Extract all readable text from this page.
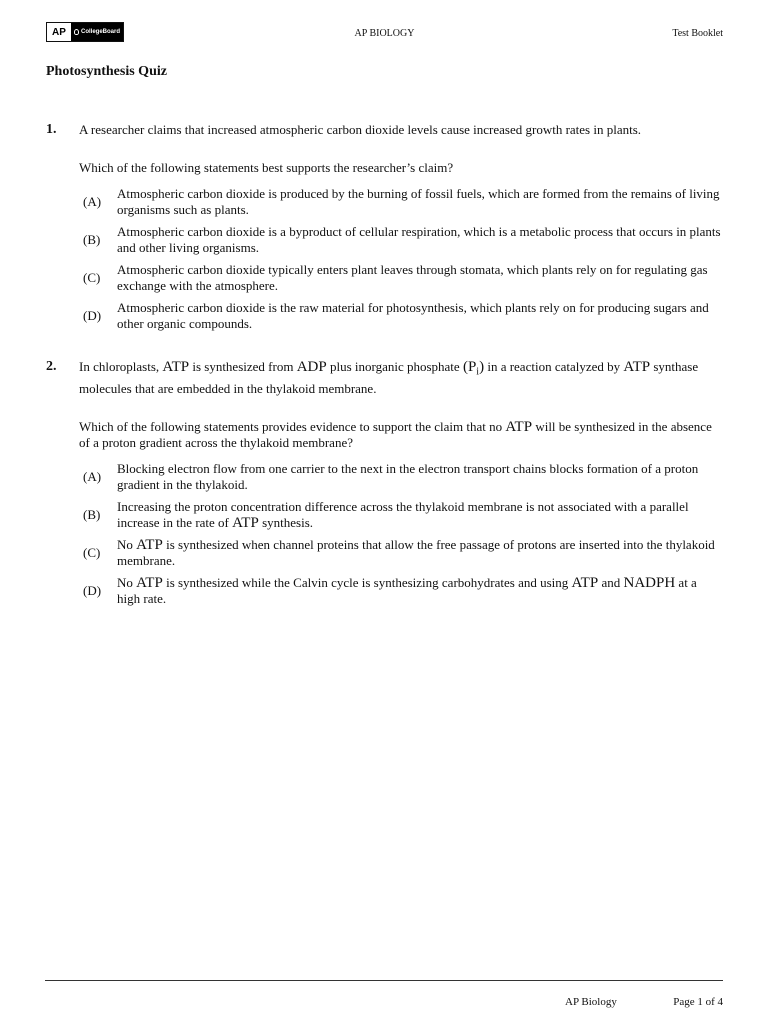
AP	CollegeBoard	AP BIOLOGY	Test Booklet
Photosynthesis Quiz
1. A researcher claims that increased atmospheric carbon dioxide levels cause increased growth rates in plants.

Which of the following statements best supports the researcher’s claim?

(A)
Atmospheric carbon dioxide is produced by the burning of fossil fuels, which are formed from the remains of living organisms such as plants.
(B)
Atmospheric carbon dioxide is a byproduct of cellular respiration, which is a metabolic process that occurs in plants and other living organisms.
(C)
Atmospheric carbon dioxide typically enters plant leaves through stomata, which plants rely on for regulating gas exchange with the atmosphere.
(D)
Atmospheric carbon dioxide is the raw material for photosynthesis, which plants rely on for producing sugars and other organic compounds.
2. In chloroplasts, ATP is synthesized from ADP plus inorganic phosphate $(P_i)$ in a reaction catalyzed by ATP synthase molecules that are embedded in the thylakoid membrane.

Which of the following statements provides evidence to support the claim that no ATP will be synthesized in the absence of a proton gradient across the thylakoid membrane?

(A)
Blocking electron flow from one carrier to the next in the electron transport chains blocks formation of a proton gradient in the thylakoid.
(B)
Increasing the proton concentration difference across the thylakoid membrane is not associated with a parallel increase in the rate of ATP synthesis.
(C)
No ATP is synthesized when channel proteins that allow the free passage of protons are inserted into the thylakoid membrane.
(D)
No ATP is synthesized while the Calvin cycle is synthesizing carbohydrates and using ATP and NADPH at a high rate.
AP Biology	Page 1 of 4
